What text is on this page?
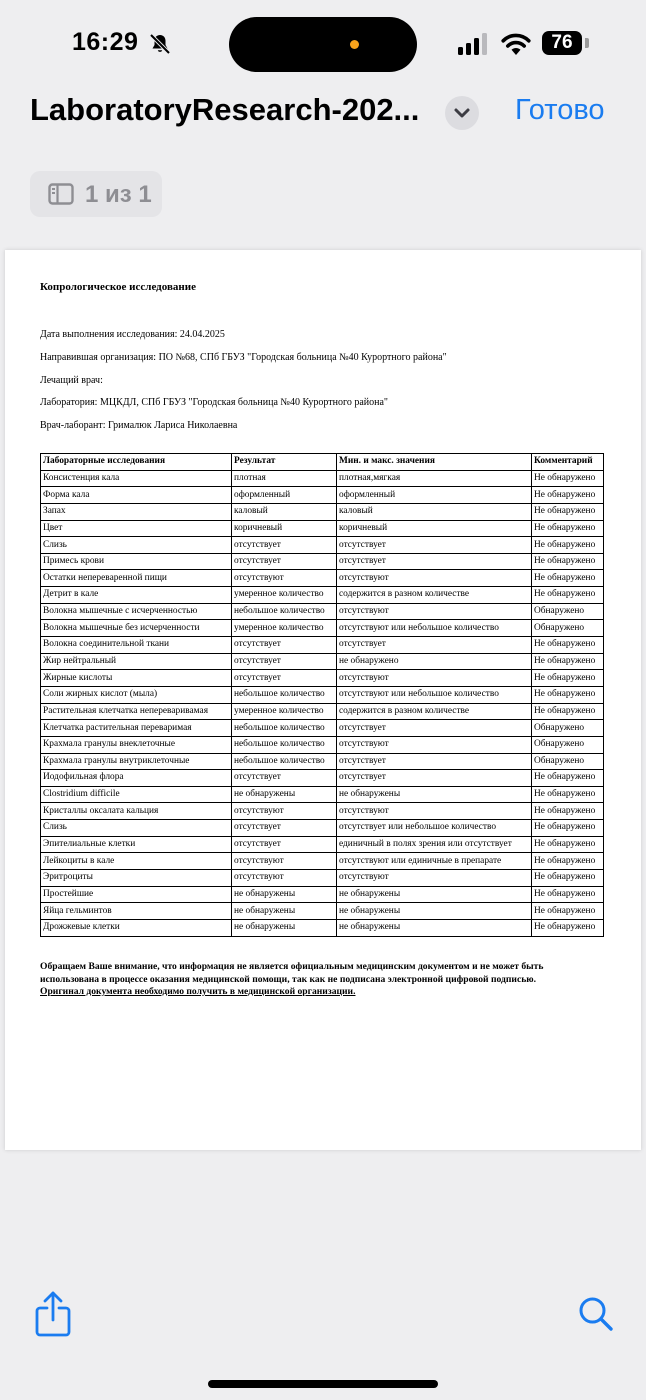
16:29	76
LaboratoryResearch-202...	Готово
1 из 1
Копрологическое исследование
Дата выполнения исследования: 24.04.2025
Направившая организация: ПО №68, СПб ГБУЗ "Городская больница №40 Курортного района"
Лечащий врач:
Лаборатория: МЦКДЛ, СПб ГБУЗ "Городская больница №40 Курортного района"
Врач-лаборант: Грималюк Лариса Николаевна
Лабораторные исследования	Результат	Мин. и макс. значения	Комментарий
Консистенция кала	плотная	плотная,мягкая	Не обнаружено
Форма кала	оформленный	оформленный	Не обнаружено
Запах	каловый	каловый	Не обнаружено
Цвет	коричневый	коричневый	Не обнаружено
Слизь	отсутствует	отсутствует	Не обнаружено
Примесь крови	отсутствует	отсутствует	Не обнаружено
Остатки непереваренной пищи	отсутствуют	отсутствуют	Не обнаружено
Детрит в кале	умеренное количество	содержится в разном количестве	Не обнаружено
Волокна мышечные с исчерченностью	небольшое количество	отсутствуют	Обнаружено
Волокна мышечные без исчерченности	умеренное количество	отсутствуют или небольшое количество	Обнаружено
Волокна соединительной ткани	отсутствует	отсутствует	Не обнаружено
Жир нейтральный	отсутствует	не обнаружено	Не обнаружено
Жирные кислоты	отсутствует	отсутствуют	Не обнаружено
Соли жирных кислот (мыла)	небольшое количество	отсутствуют или небольшое количество	Не обнаружено
Растительная клетчатка непереваривамая	умеренное количество	содержится в разном количестве	Не обнаружено
Клетчатка растительная переваримая	небольшое количество	отсутствует	Обнаружено
Крахмала гранулы внеклеточные	небольшое количество	отсутствуют	Обнаружено
Крахмала гранулы внутриклеточные	небольшое количество	отсутствует	Обнаружено
Иодофильная флора	отсутствует	отсутствует	Не обнаружено
Clostridium difficile	не обнаружены	не обнаружены	Не обнаружено
Кристаллы оксалата кальция	отсутствуют	отсутствуют	Не обнаружено
Слизь	отсутствует	отсутствует или небольшое количество	Не обнаружено
Эпителиальные клетки	отсутствует	единичный в полях зрения или отсутствует	Не обнаружено
Лейкоциты в кале	отсутствуют	отсутствуют или единичные в препарате	Не обнаружено
Эритроциты	отсутствуют	отсутствуют	Не обнаружено
Простейшие	не обнаружены	не обнаружены	Не обнаружено
Яйца гельминтов	не обнаружены	не обнаружены	Не обнаружено
Дрожжевые клетки	не обнаружены	не обнаружены	Не обнаружено
Обращаем Ваше внимание, что информация не является официальным медицинским документом и не может быть использована в процессе оказания медицинской помощи, так как не подписана электронной цифровой подписью.
Оригинал документа необходимо получить в медицинской организации.
